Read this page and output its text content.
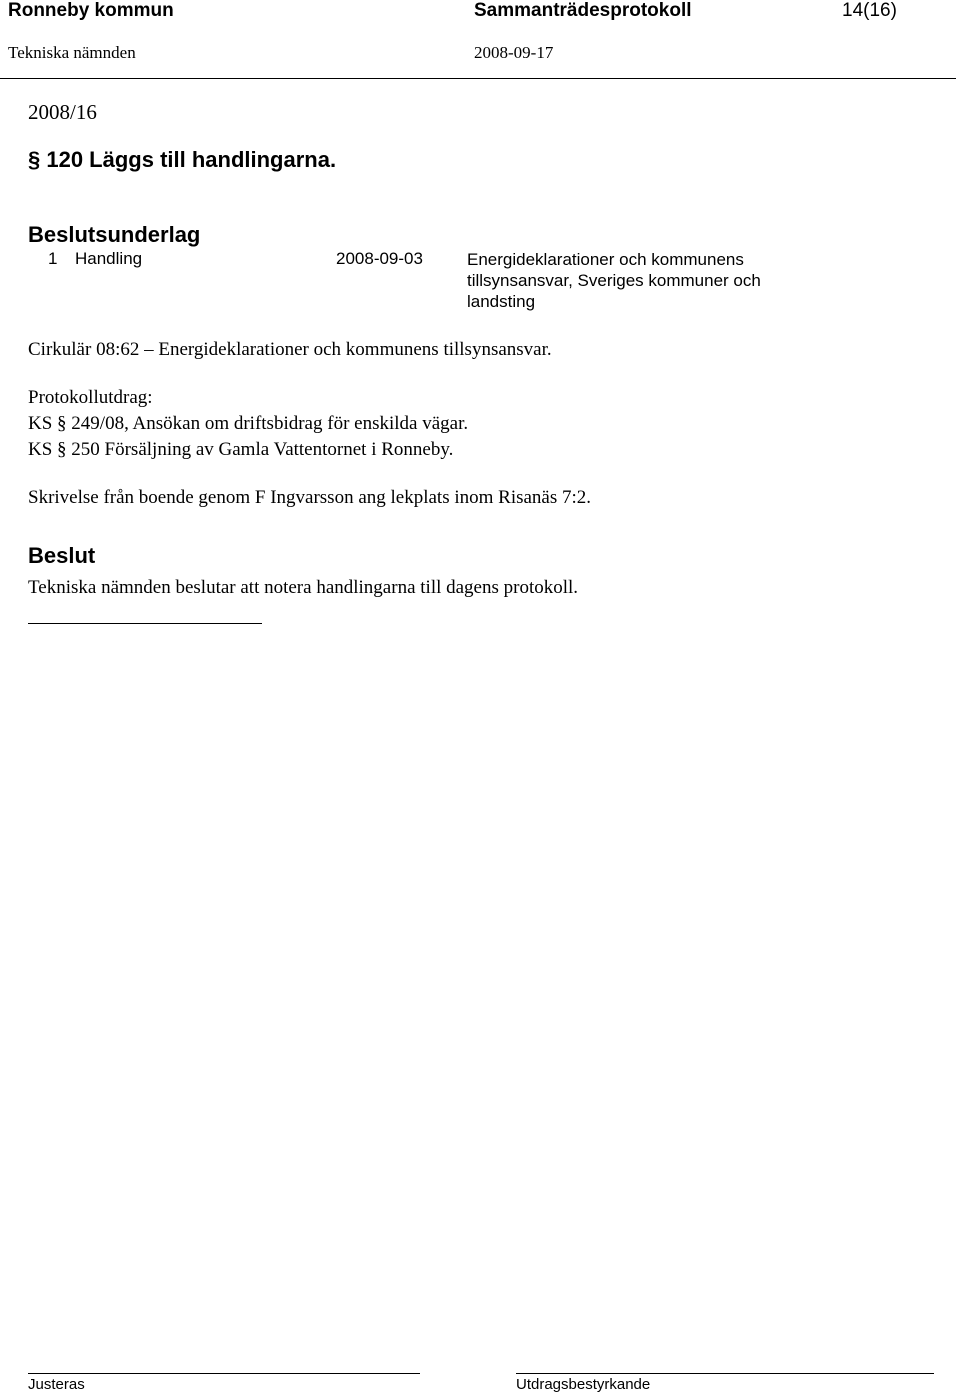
Ronneby kommun	Sammanträdesprotokoll	14(16)
Tekniska nämnden	2008-09-17
2008/16
§ 120 Läggs till handlingarna.
Beslutsunderlag
1 Handling	2008-09-03	Energideklarationer och kommunens
tillsynsansvar, Sveriges kommuner och
landsting
Cirkulär 08:62 – Energideklarationer och kommunens tillsynsansvar.
Protokollutdrag:
KS § 249/08, Ansökan om driftsbidrag för enskilda vägar.
KS § 250 Försäljning av Gamla Vattentornet i Ronneby.
Skrivelse från boende genom F Ingvarsson ang lekplats inom Risanäs 7:2.
Beslut
Tekniska nämnden beslutar att notera handlingarna till dagens protokoll.
Justeras	Utdragsbestyrkande
